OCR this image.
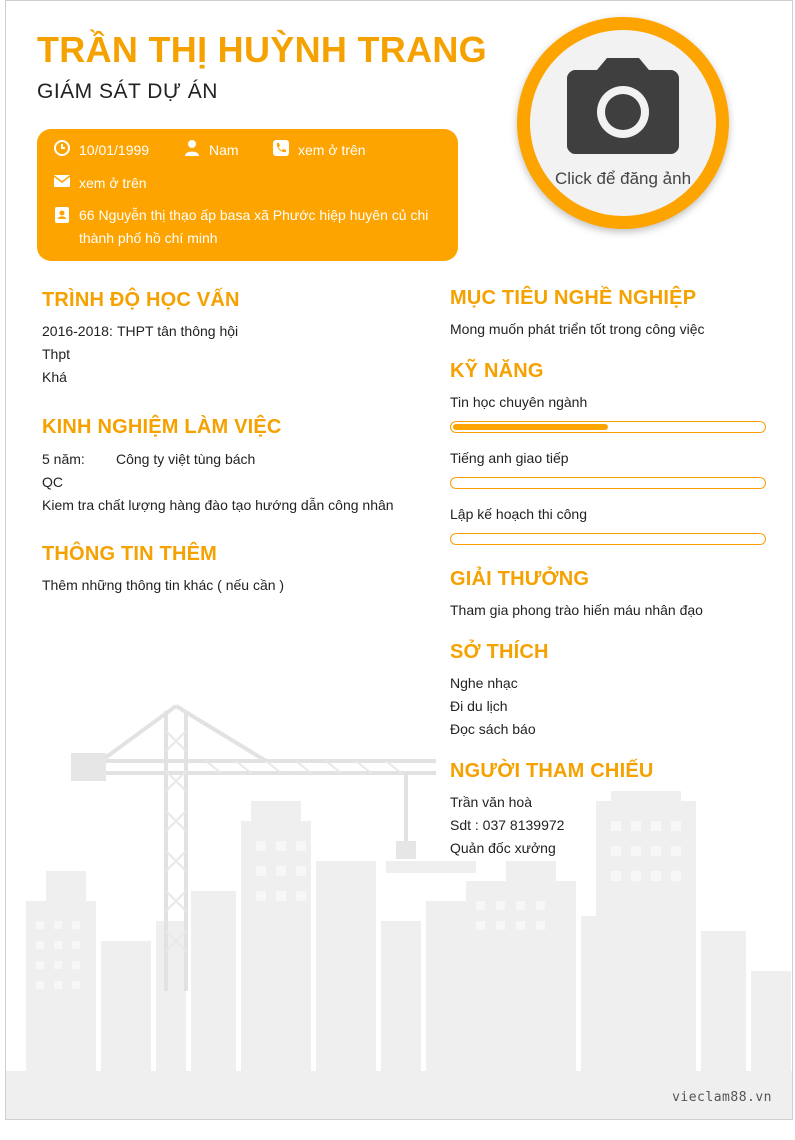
TRẦN THỊ HUỲNH TRANG
GIÁM SÁT DỰ ÁN
10/01/1999	Nam	xem ở trên
xem ở trên
66 Nguyễn thị thạo ấp basa xã Phước hiệp huyên củ chi thành phố hồ chí minh
Click để đăng ảnh
TRÌNH ĐỘ HỌC VẤN
2016-2018: THPT tân thông hội
Thpt
Khá
KINH NGHIỆM LÀM VIỆC
5 năm: Công ty việt tùng bách
QC
Kiem tra chất lượng hàng đào tạo hướng dẫn công nhân
THÔNG TIN THÊM
Thêm những thông tin khác ( nếu cần )
MỤC TIÊU NGHỀ NGHIỆP
Mong muốn phát triển tốt trong công việc
KỸ NĂNG
Tin học chuyên ngành
Tiếng anh giao tiếp
Lập kế hoạch thi công
GIẢI THƯỞNG
Tham gia phong trào hiến máu nhân đạo
SỞ THÍCH
Nghe nhạc
Đi du lịch
Đọc sách báo
NGƯỜI THAM CHIẾU
Trần văn hoà
Sdt : 037 8139972
Quản đốc xưởng
vieclam88.vn
